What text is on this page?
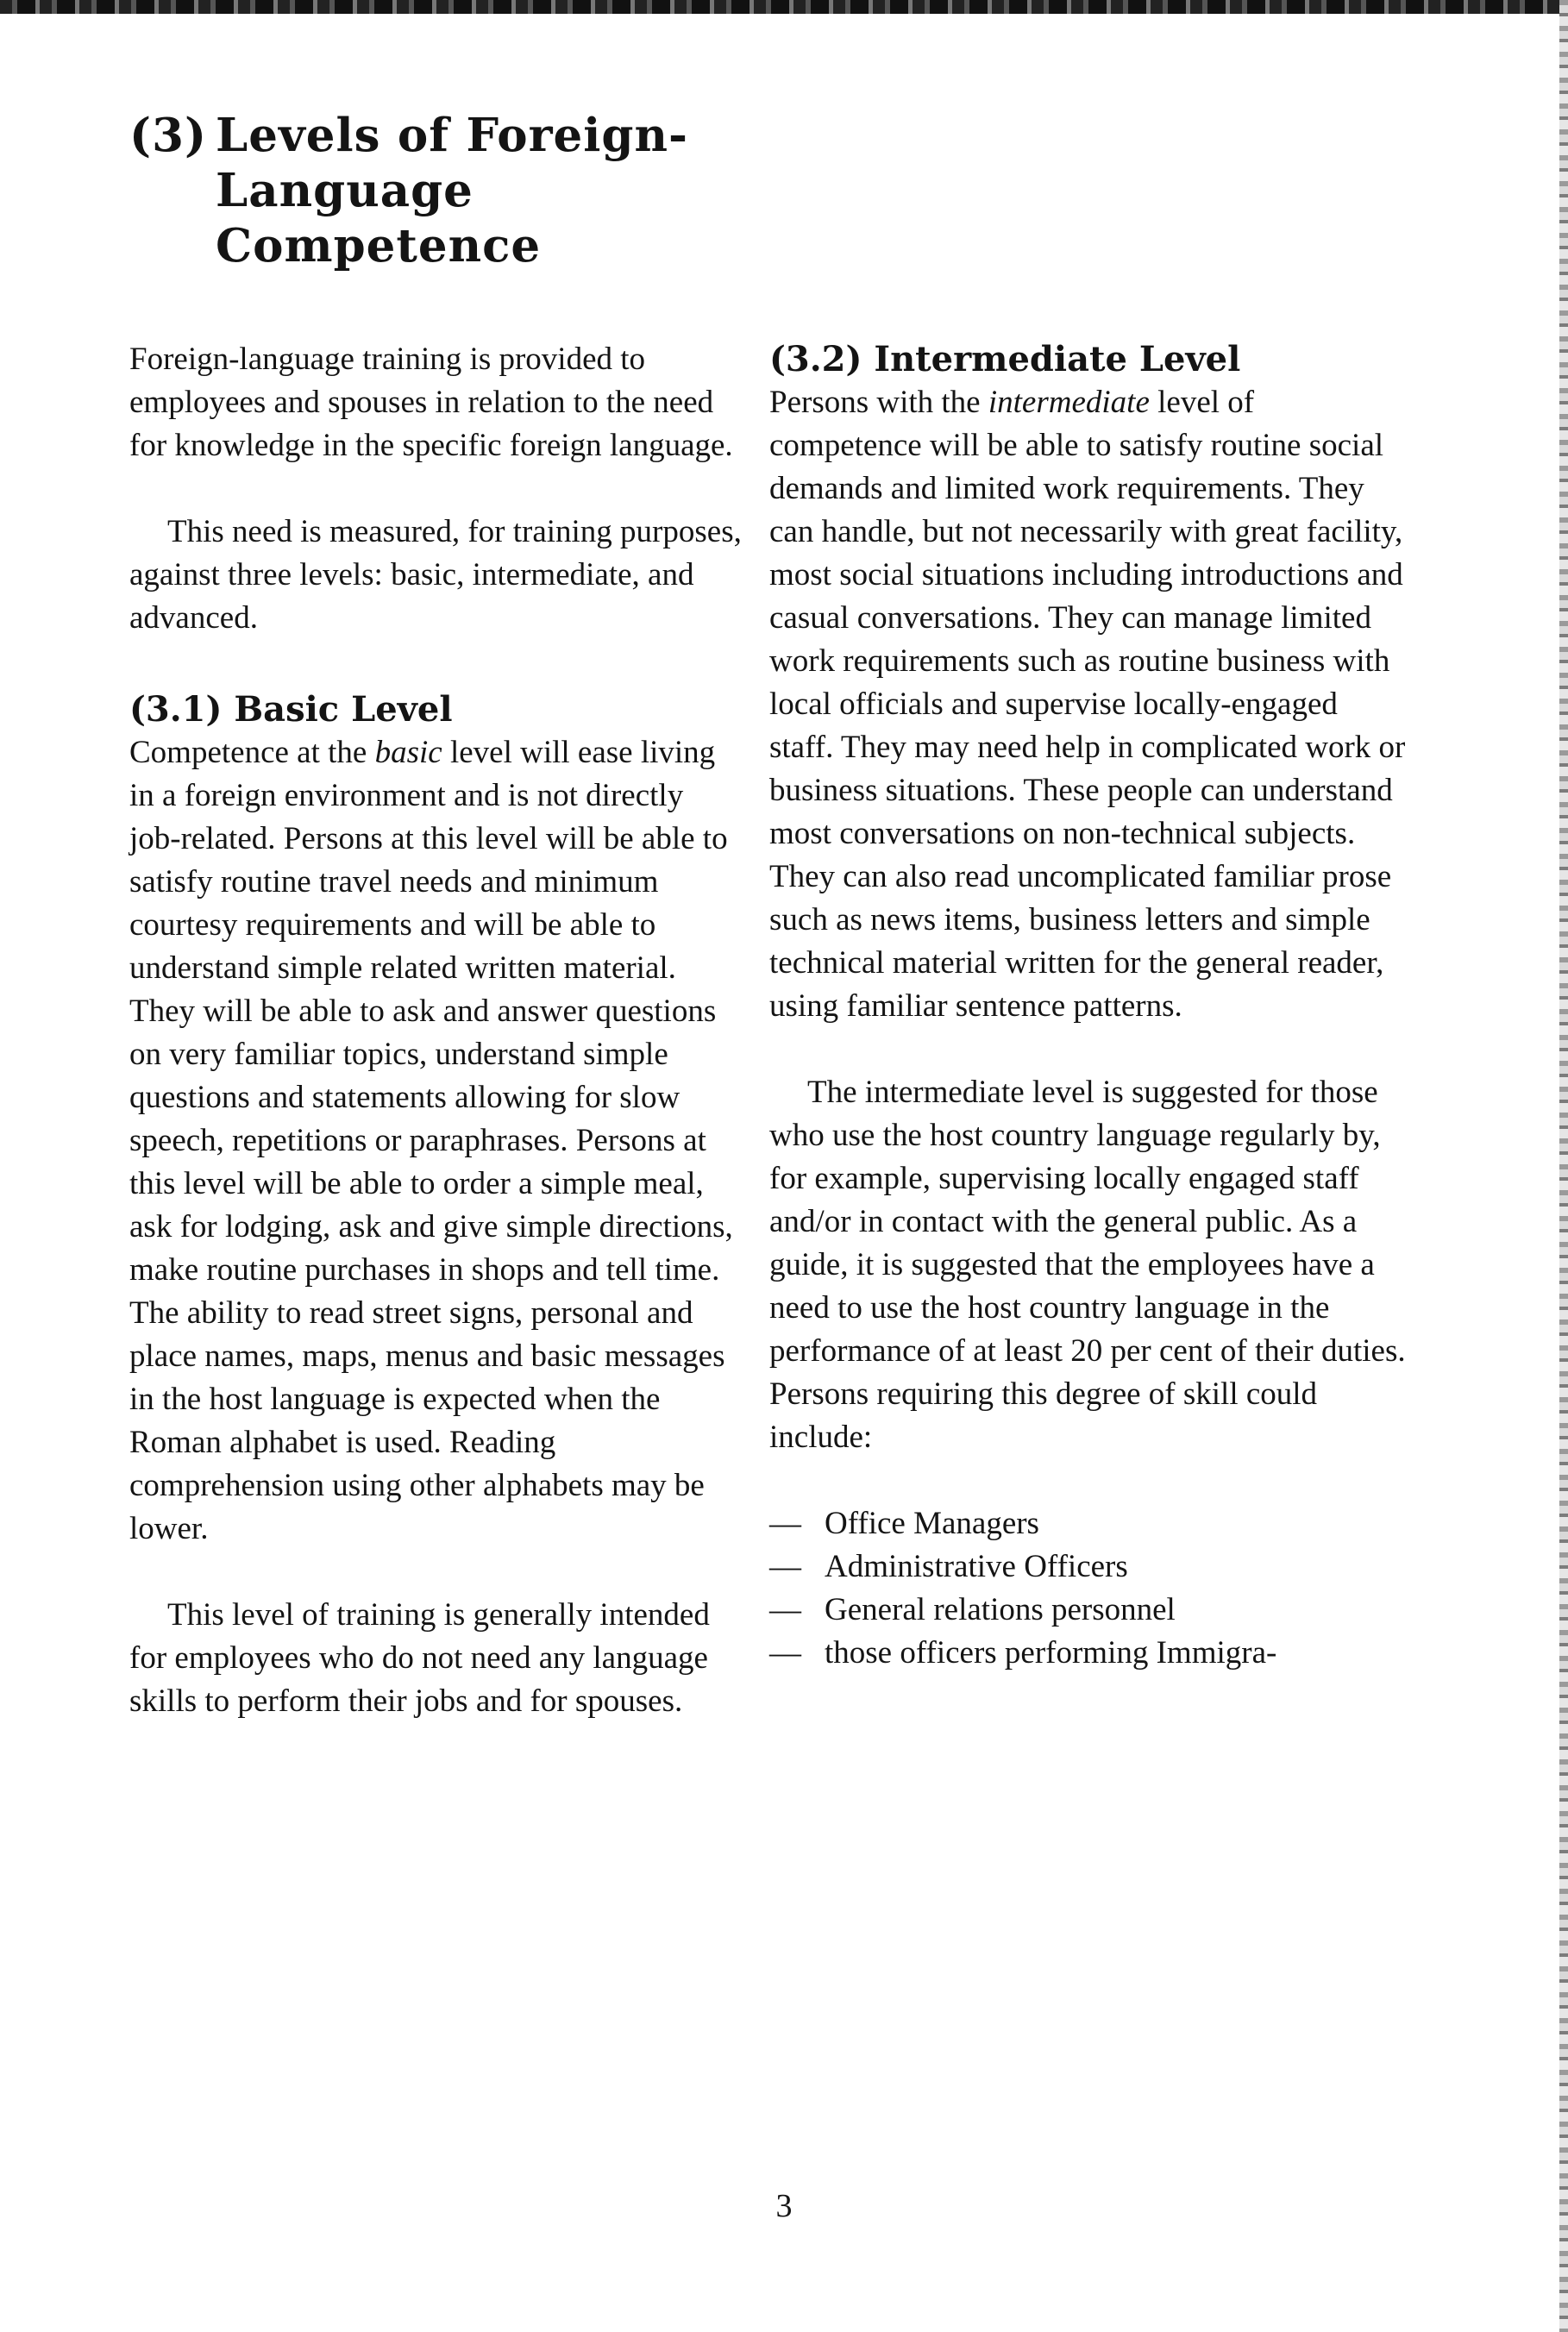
(3) Levels of Foreign-
Language
Competence

Foreign-language training is provided to employees and spouses in relation to the need for knowledge in the specific foreign language.

This need is measured, for training purposes, against three levels: basic, intermediate, and advanced.

(3.1) Basic Level

Competence at the basic level will ease living in a foreign environment and is not directly job-related. Persons at this level will be able to satisfy routine travel needs and minimum courtesy requirements and will be able to understand simple related written material. They will be able to ask and answer questions on very familiar topics, understand simple questions and statements allowing for slow speech, repetitions or paraphrases. Persons at this level will be able to order a simple meal, ask for lodging, ask and give simple directions, make routine purchases in shops and tell time. The ability to read street signs, personal and place names, maps, menus and basic messages in the host language is expected when the Roman alphabet is used. Reading comprehension using other alphabets may be lower.

This level of training is generally intended for employees who do not need any language skills to perform their jobs and for spouses.

(3.2) Intermediate Level

Persons with the intermediate level of competence will be able to satisfy routine social demands and limited work requirements. They can handle, but not necessarily with great facility, most social situations including introductions and casual conversations. They can manage limited work requirements such as routine business with local officials and supervise locally-engaged staff. They may need help in complicated work or business situations. These people can understand most conversations on non-technical subjects. They can also read uncomplicated familiar prose such as news items, business letters and simple technical material written for the general reader, using familiar sentence patterns.

The intermediate level is suggested for those who use the host country language regularly by, for example, supervising locally engaged staff and/or in contact with the general public. As a guide, it is suggested that the employees have a need to use the host country language in the performance of at least 20 per cent of their duties. Persons requiring this degree of skill could include:

— Office Managers
— Administrative Officers
— General relations personnel
— those officers performing Immigra-
3
